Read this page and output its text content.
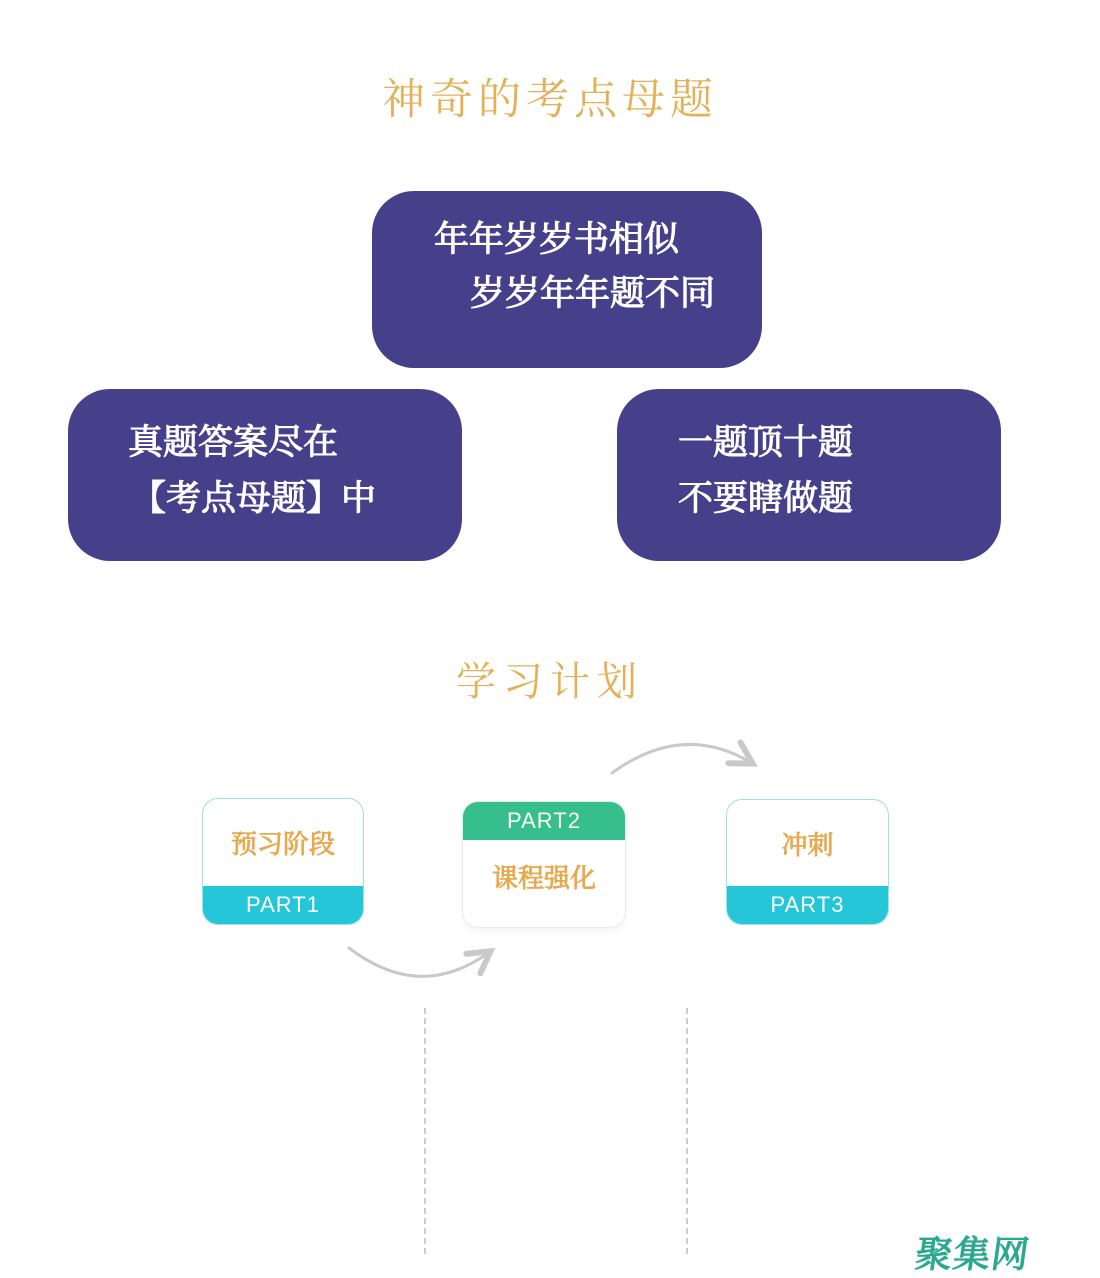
神奇的考点母题
年年岁岁书相似
岁岁年年题不同
真题答案尽在
【考点母题】中
一题顶十题
不要瞎做题
学习计划
预习阶段
PART1
PART2
课程强化
冲刺
PART3
聚集网
